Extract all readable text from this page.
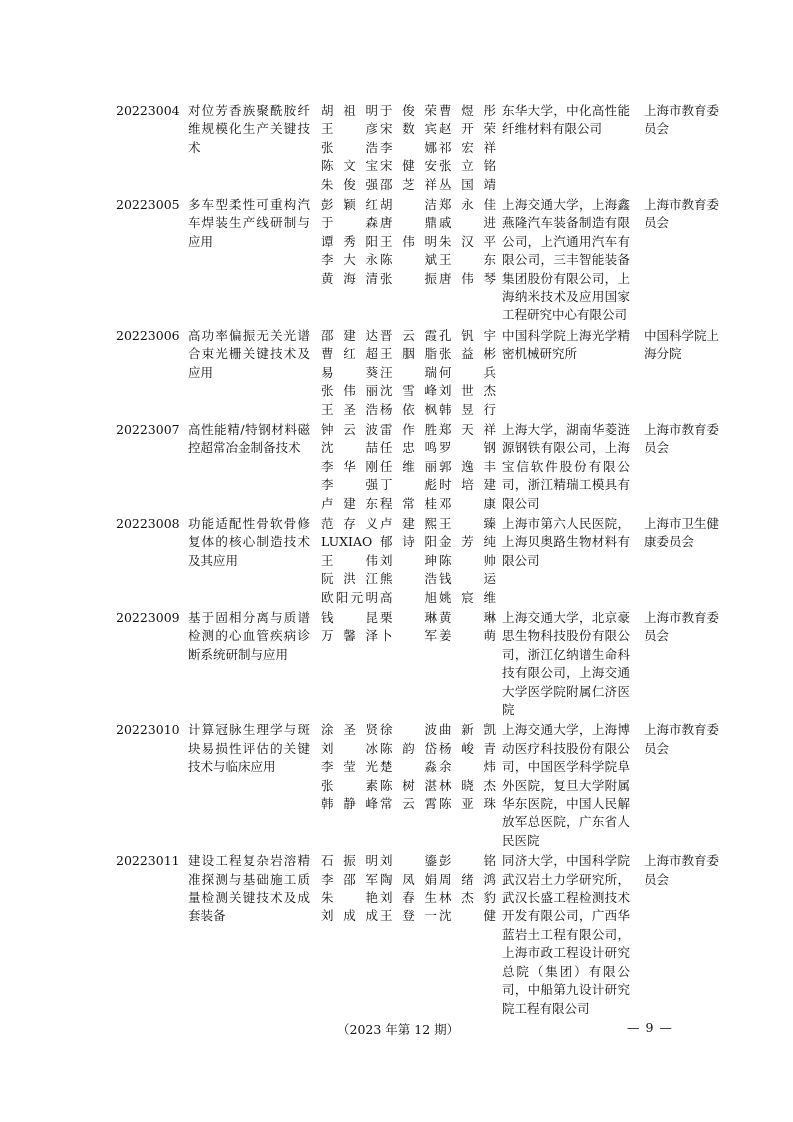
20223004 对位芳香族聚酰胺纤维规模化生产关键技术
胡祖明 于俊荣 曹煜彤
王　彦 宋数宾 赵开荣
张　浩 李　娜 祁宏祥
陈文宝 宋健安 张立铭
朱俊强 邵芝祥 丛国靖
东华大学，中化高性能纤维材料有限公司
上海市教育委员会
20223005 多车型柔性可重构汽车焊装生产线研制与应用
彭颖红 胡　洁 郑永佳
于　森 唐　鼎 戚　进
谭秀阳 王伟明 朱汉平
李大永 陈　斌 王　东
黄海清 张　振 唐伟琴
上海交通大学，上海鑫燕隆汽车装备制造有限公司，上汽通用汽车有限公司，三丰智能装备集团股份有限公司，上海纳米技术及应用国家工程研究中心有限公司
上海市教育委员会
20223006 高功率偏振无关光谱合束光栅关键技术及应用
邵建达 晋云霞 孔钒宇
曹红超 王胭脂 张益彬
易　葵 汪　瑞 何　兵
张伟丽 沈雪峰 刘世杰
王圣浩 杨依枫 韩昱行
中国科学院上海光学精密机械研究所
中国科学院上海分院
20223007 高性能精/特钢材料磁控超常冶金制备技术
钟云波 雷作胜 郑天祥
沈　喆 任忠鸣 罗　钢
李华刚 任维丽 郭逸丰
李　强 丁　彪 时培建
卢建东 程常桂 邓　康
上海大学，湖南华菱涟源钢铁有限公司，上海宝信软件股份有限公司，浙江精瑞工模具有限公司
上海市教育委员会
20223008 功能适配性骨软骨修复体的核心制造技术及其应用
范存义 卢建熙 王　臻
LUXIAO 郁诗阳 金芳纯
王　伟 刘　珅 陈　帅
阮洪江 熊　浩 钱　运
欧阳元明 高　旭 姚宸维
上海市第六人民医院，上海贝奥路生物材料有限公司
上海市卫生健康委员会
20223009 基于固相分离与质谱检测的心血管疾病诊断系统研制与应用
钱　昆 栗　琳 黄　琳
万馨泽 卜　军 姜　萌
上海交通大学，北京豪思生物科技股份有限公司，浙江亿纳谱生命科技有限公司，上海交通大学医学院附属仁济医院
上海市教育委员会
20223010 计算冠脉生理学与斑块易损性评估的关键技术与临床应用
涂圣贤 徐　波 曲新凯
刘　冰 陈韵岱 杨峻青
李莹光 楚　淼 余　炜
张　素 陈树湛 林晓杰
韩静峰 常云霄 陈亚珠
上海交通大学，上海博动医疗科技股份有限公司，中国医学科学院阜外医院，复旦大学附属华东医院，中国人民解放军总医院，广东省人民医院
上海市教育委员会
20223011 建设工程复杂岩溶精准探测与基础施工质量检测关键技术及成套装备
石振明 刘　鎏 彭　铭
李邵军 陶凤娟 周绪鸿
朱　艳 刘春生 林杰豹
刘成成 王登一 沈　健
同济大学，中国科学院武汉岩土力学研究所，武汉长盛工程检测技术开发有限公司，广西华蓝岩土工程有限公司，上海市政工程设计研究总院（集团）有限公司，中船第九设计研究院工程有限公司
上海市教育委员会
（2023 年第 12 期）	— 9 —
